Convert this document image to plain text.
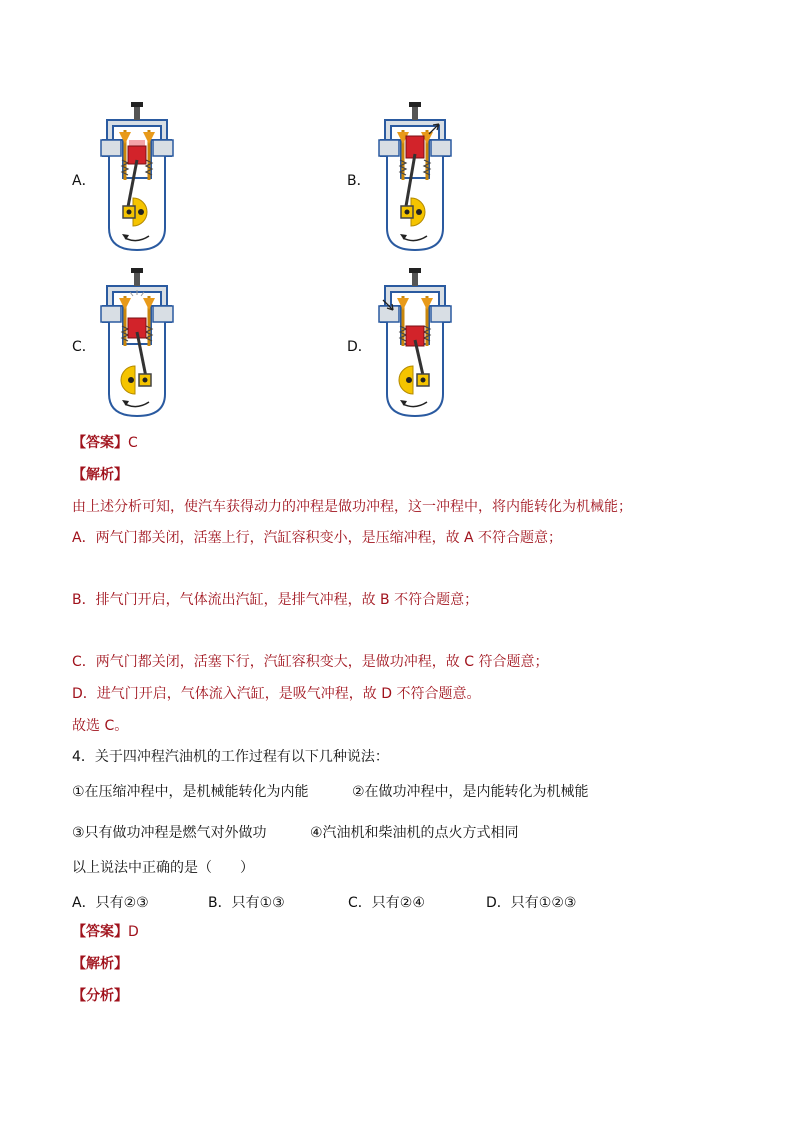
A．	B．
C．	D．
【答案】C
【解析】
由上述分析可知，使汽车获得动力的冲程是做功冲程，这一冲程中，将内能转化为机械能；
A．两气门都关闭，活塞上行，汽缸容积变小，是压缩冲程，故 A 不符合题意；
B．排气门开启，气体流出汽缸，是排气冲程，故 B 不符合题意；
C．两气门都关闭，活塞下行，汽缸容积变大，是做功冲程，故 C 符合题意；
D．进气门开启，气体流入汽缸，是吸气冲程，故 D 不符合题意。
故选 C。
4．关于四冲程汽油机的工作过程有以下几种说法：
①在压缩冲程中，是机械能转化为内能	②在做功冲程中，是内能转化为机械能
③只有做功冲程是燃气对外做功	④汽油机和柴油机的点火方式相同
以上说法中正确的是（　　）
A．只有②③	B．只有①③	C．只有②④	D．只有①②③
【答案】D
【解析】
【分析】
